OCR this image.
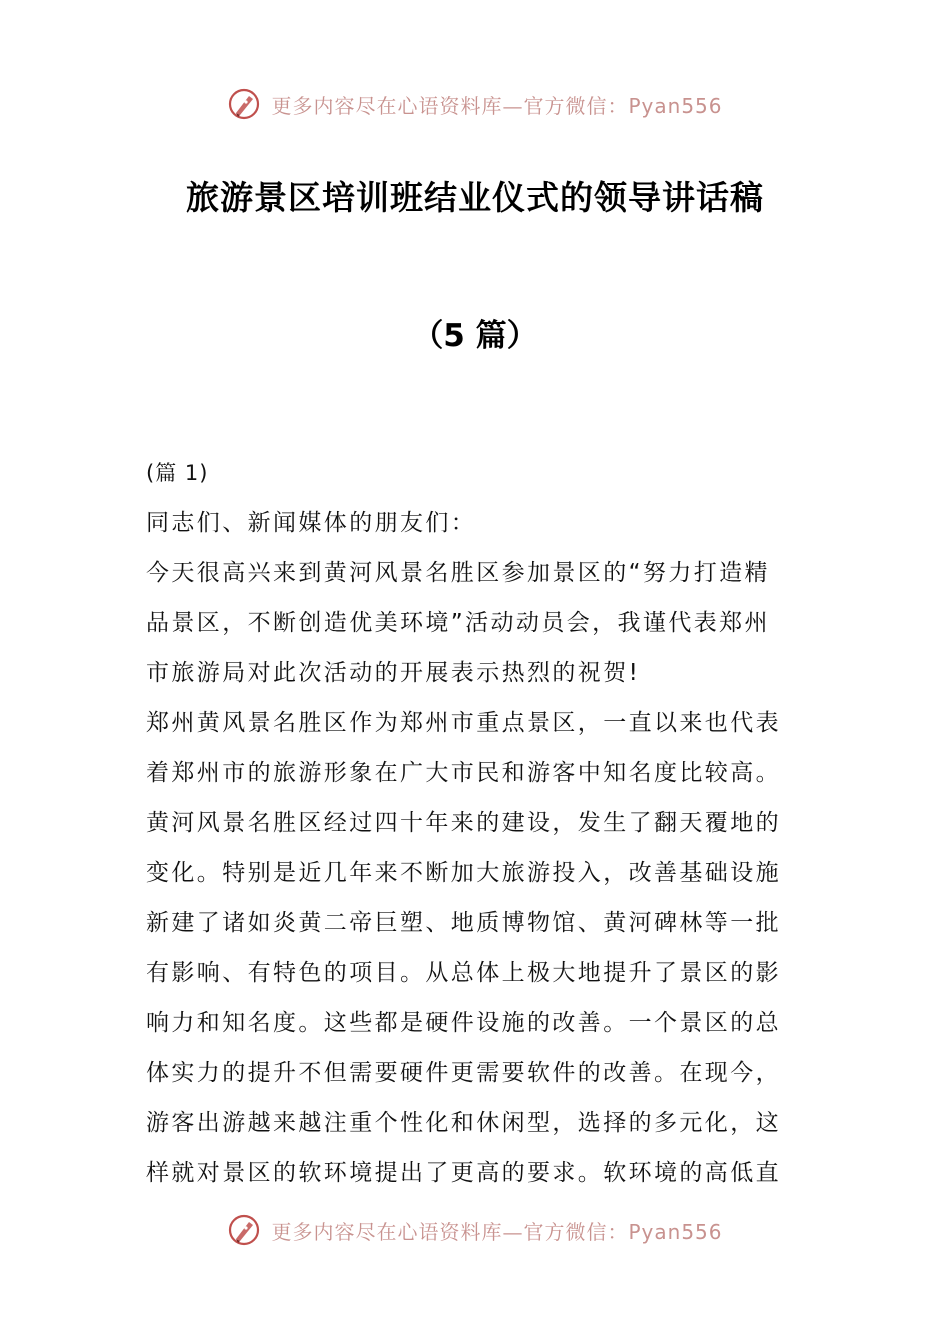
更多内容尽在心语资料库—官方微信：Pyan556
旅游景区培训班结业仪式的领导讲话稿
（5 篇）
(篇 1)
同志们、新闻媒体的朋友们：
今天很高兴来到黄河风景名胜区参加景区的“努力打造精
品景区，不断创造优美环境”活动动员会，我谨代表郑州
市旅游局对此次活动的开展表示热烈的祝贺!
郑州黄风景名胜区作为郑州市重点景区，一直以来也代表
着郑州市的旅游形象在广大市民和游客中知名度比较高。
黄河风景名胜区经过四十年来的建设，发生了翻天覆地的
变化。特别是近几年来不断加大旅游投入，改善基础设施
新建了诸如炎黄二帝巨塑、地质博物馆、黄河碑林等一批
有影响、有特色的项目。从总体上极大地提升了景区的影
响力和知名度。这些都是硬件设施的改善。一个景区的总
体实力的提升不但需要硬件更需要软件的改善。在现今，
游客出游越来越注重个性化和休闲型，选择的多元化，这
样就对景区的软环境提出了更高的要求。软环境的高低直
更多内容尽在心语资料库—官方微信：Pyan556
